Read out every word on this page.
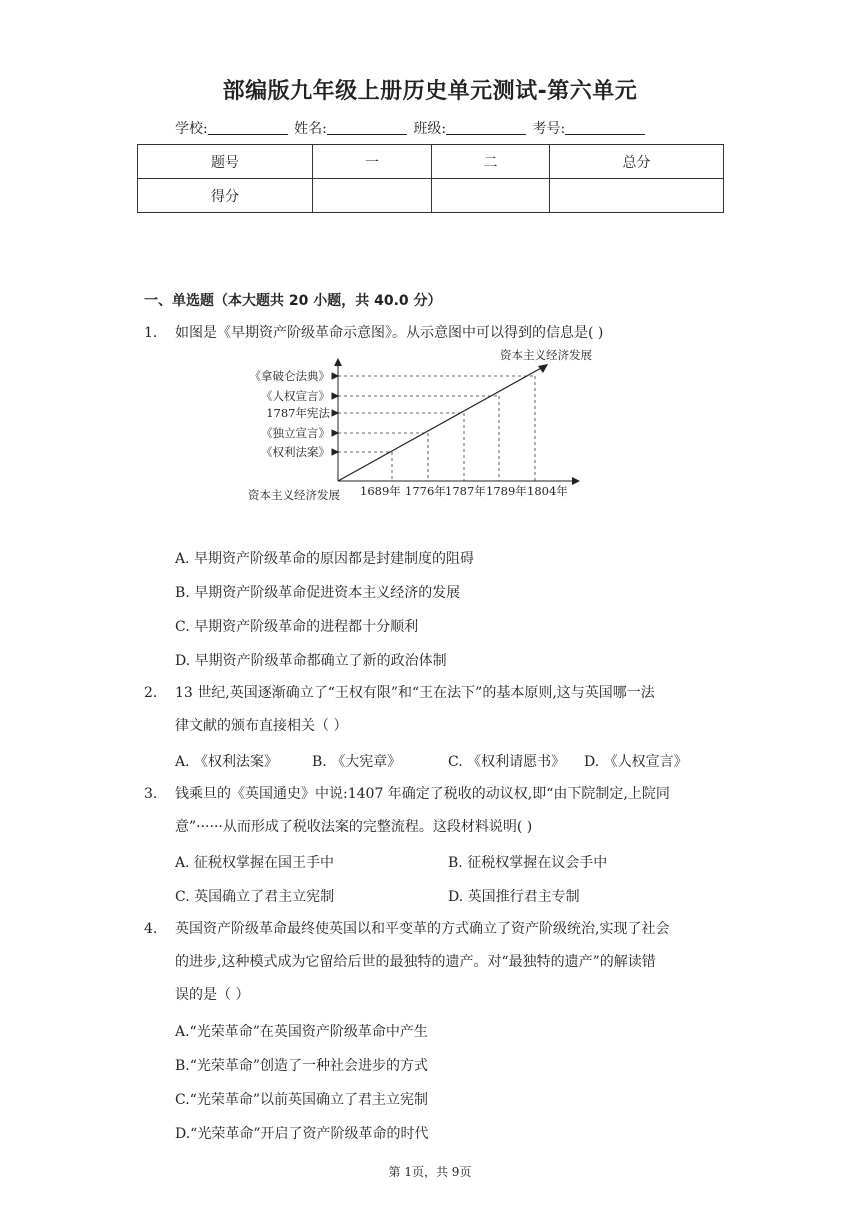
部编版九年级上册历史单元测试-第六单元
学校:	姓名:	班级:	考号:
题号	一	二	总分
得分			
一、单选题（本大题共 20 小题，共 40.0 分）
1. 如图是《早期资产阶级革命示意图》。从示意图中可以得到的信息是( )
资本主义经济发展
《拿破仑法典》
《人权宣言》
1787年宪法
《独立宣言》
《权利法案》
资本主义经济发展 1689年 1776年 1787年 1789年 1804年
A. 早期资产阶级革命的原因都是封建制度的阻碍
B. 早期资产阶级革命促进资本主义经济的发展
C. 早期资产阶级革命的进程都十分顺利
D. 早期资产阶级革命都确立了新的政治体制
2. 13 世纪,英国逐渐确立了“王权有限”和“王在法下”的基本原则,这与英国哪一法
律文献的颁布直接相关（ ）
A. 《权利法案》 B. 《大宪章》	C. 《权利请愿书》 D. 《人权宣言》
3. 钱乘旦的《英国通史》中说:1407 年确定了税收的动议权,即“由下院制定,上院同
意”······从而形成了税收法案的完整流程。这段材料说明( )
A. 征税权掌握在国王手中	B. 征税权掌握在议会手中
C. 英国确立了君主立宪制	D. 英国推行君主专制
4. 英国资产阶级革命最终使英国以和平变革的方式确立了资产阶级统治,实现了社会
的进步,这种模式成为它留给后世的最独特的遗产。对“最独特的遗产”的解读错
误的是（ ）
A.“光荣革命”在英国资产阶级革命中产生
B.“光荣革命”创造了一种社会进步的方式
C.“光荣革命”以前英国确立了君主立宪制
D.“光荣革命”开启了资产阶级革命的时代
第 1页，共 9页
